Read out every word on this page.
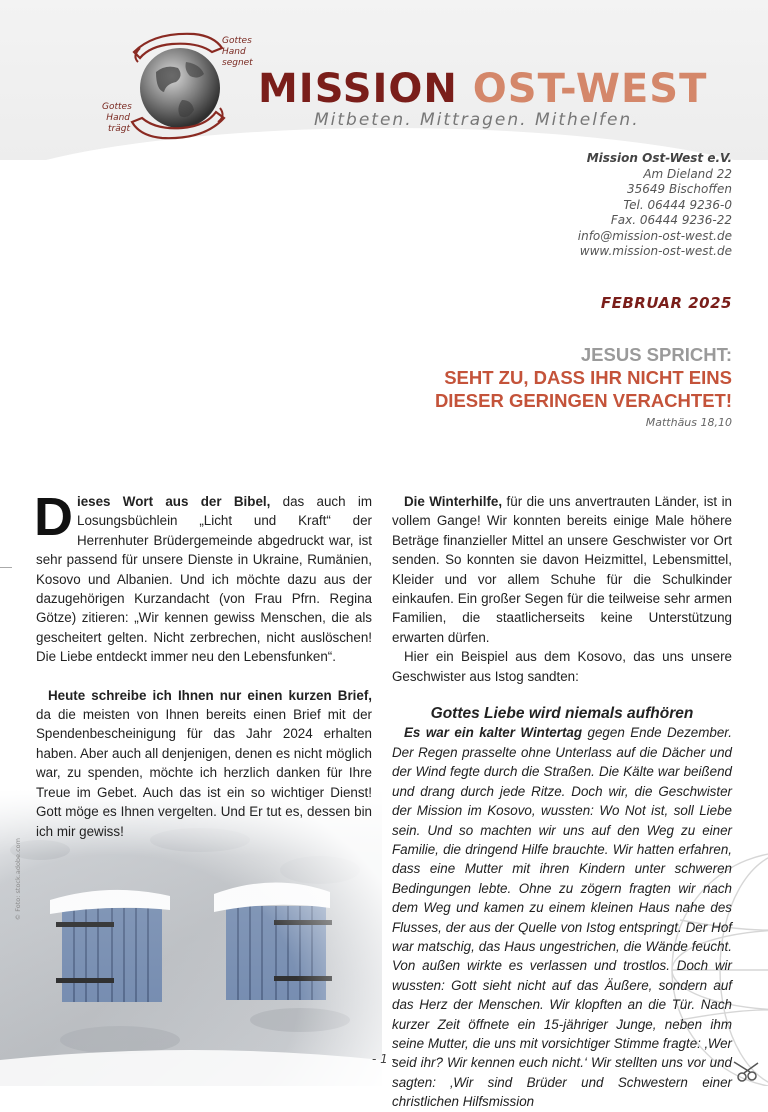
Gottes
Hand
segnet
Gottes
Hand
trägt
MISSION OST-WEST
Mitbeten. Mittragen. Mithelfen.
Mission Ost-West e.V.
Am Dieland 22
35649 Bischoffen
Tel. 06444 9236-0
Fax. 06444 9236-22
info@mission-ost-west.de
www.mission-ost-west.de
FEBRUAR 2025
JESUS SPRICHT:
SEHT ZU, DASS IHR NICHT EINS
DIESER GERINGEN VERACHTET!
Matthäus 18,10
© Foto: stock.adobe.com

Dieses Wort aus der Bibel, das auch im Losungsbüchlein „Licht und Kraft“ der Herrenhuter Brüdergemeinde abgedruckt war, ist sehr passend für unsere Dienste in Ukraine, Rumänien, Kosovo und Albanien. Und ich möchte dazu aus der dazugehörigen Kurzandacht (von Frau Pfrn. Regina Götze) zitieren: „Wir kennen gewiss Menschen, die als gescheitert gelten. Nicht zerbrechen, nicht auslöschen! Die Liebe entdeckt immer neu den Lebensfunken“.

Heute schreibe ich Ihnen nur einen kurzen Brief, da die meisten von Ihnen bereits einen Brief mit der Spendenbescheinigung für das Jahr 2024 erhalten haben. Aber auch all denjenigen, denen es nicht möglich war, zu spenden, möchte ich herzlich danken für Ihre Treue im Gebet. Auch das ist ein so wichtiger Dienst! Gott möge es Ihnen vergelten. Und Er tut es, dessen bin ich mir gewiss!

Die Winterhilfe, für die uns anvertrauten Länder, ist in vollem Gange! Wir konnten bereits einige Male höhere Beträge finanzieller Mittel an unsere Geschwister vor Ort senden. So konnten sie davon Heizmittel, Lebensmittel, Kleider und vor allem Schuhe für die Schulkinder einkaufen. Ein großer Segen für die teilweise sehr armen Familien, die staatlicherseits keine Unterstützung erwarten dürfen.

Hier ein Beispiel aus dem Kosovo, das uns unsere Geschwister aus Istog sandten:

Gottes Liebe wird niemals aufhören

Es war ein kalter Wintertag gegen Ende Dezember. Der Regen prasselte ohne Unterlass auf die Dächer und der Wind fegte durch die Straßen. Die Kälte war beißend und drang durch jede Ritze. Doch wir, die Geschwister der Mission im Kosovo, wussten: Wo Not ist, soll Liebe sein. Und so machten wir uns auf den Weg zu einer Familie, die dringend Hilfe brauchte. Wir hatten erfahren, dass eine Mutter mit ihren Kindern unter schweren Bedingungen lebte. Ohne zu zögern fragten wir nach dem Weg und kamen zu einem kleinen Haus nahe des Flusses, der aus der Quelle von Istog entspringt. Der Hof war matschig, das Haus ungestrichen, die Wände feucht. Von außen wirkte es verlassen und trostlos. Doch wir wussten: Gott sieht nicht auf das Äußere, sondern auf das Herz der Menschen. Wir klopften an die Tür. Nach kurzer Zeit öffnete ein 15-jähriger Junge, neben ihm seine Mutter, die uns mit vorsichtiger Stimme fragte: ‚Wer seid ihr? Wir kennen euch nicht.‘ Wir stellten uns vor und sagten: ‚Wir sind Brüder und Schwestern einer christlichen Hilfsmission

- 1 -
